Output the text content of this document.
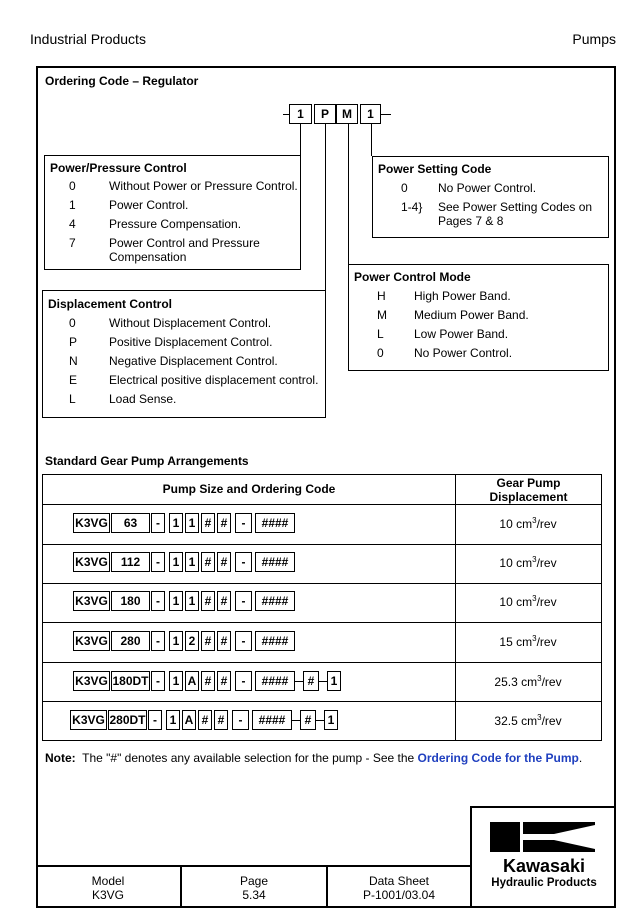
Industrial Products	Pumps
Ordering Code – Regulator
1	P	M	1
Power/Pressure Control
0	Without Power or Pressure Control.
1	Power Control.
4	Pressure Compensation.
7	Power Control and Pressure Compensation
Power Setting Code
0	No Power Control.
1-4}	See Power Setting Codes on Pages 7 & 8
Power Control Mode
H	High Power Band.
M	Medium Power Band.
L	Low Power Band.
0	No Power Control.
Displacement Control
0	Without Displacement Control.
P	Positive Displacement Control.
N	Negative Displacement Control.
E	Electrical positive displacement control.
L	Load Sense.
Standard Gear Pump Arrangements
Pump Size and Ordering Code	Gear Pump
Displacement
K3VG	63	-	1 1 # #	-	####	10 $cm^3$/rev
K3VG	112	-	1 1 # #	-	####	10 $cm^3$/rev
K3VG	180	-	1 1 # #	-	####	10 $cm^3$/rev
K3VG	280	-	1 2 # #	-	####	15 $cm^3$/rev
K3VG 180DT -	1 A # #	-	####	#	1	25.3 $cm^3$/rev
K3VG 280DT -	1 A # #	-	####	#	1	32.5 $cm^3$/rev
Note:  The "#" denotes any available selection for the pump - See the Ordering Code for the Pump.
Model
K3VG
Page
5.34
Data Sheet
P-1001/03.04
Kawasaki
Hydraulic Products
